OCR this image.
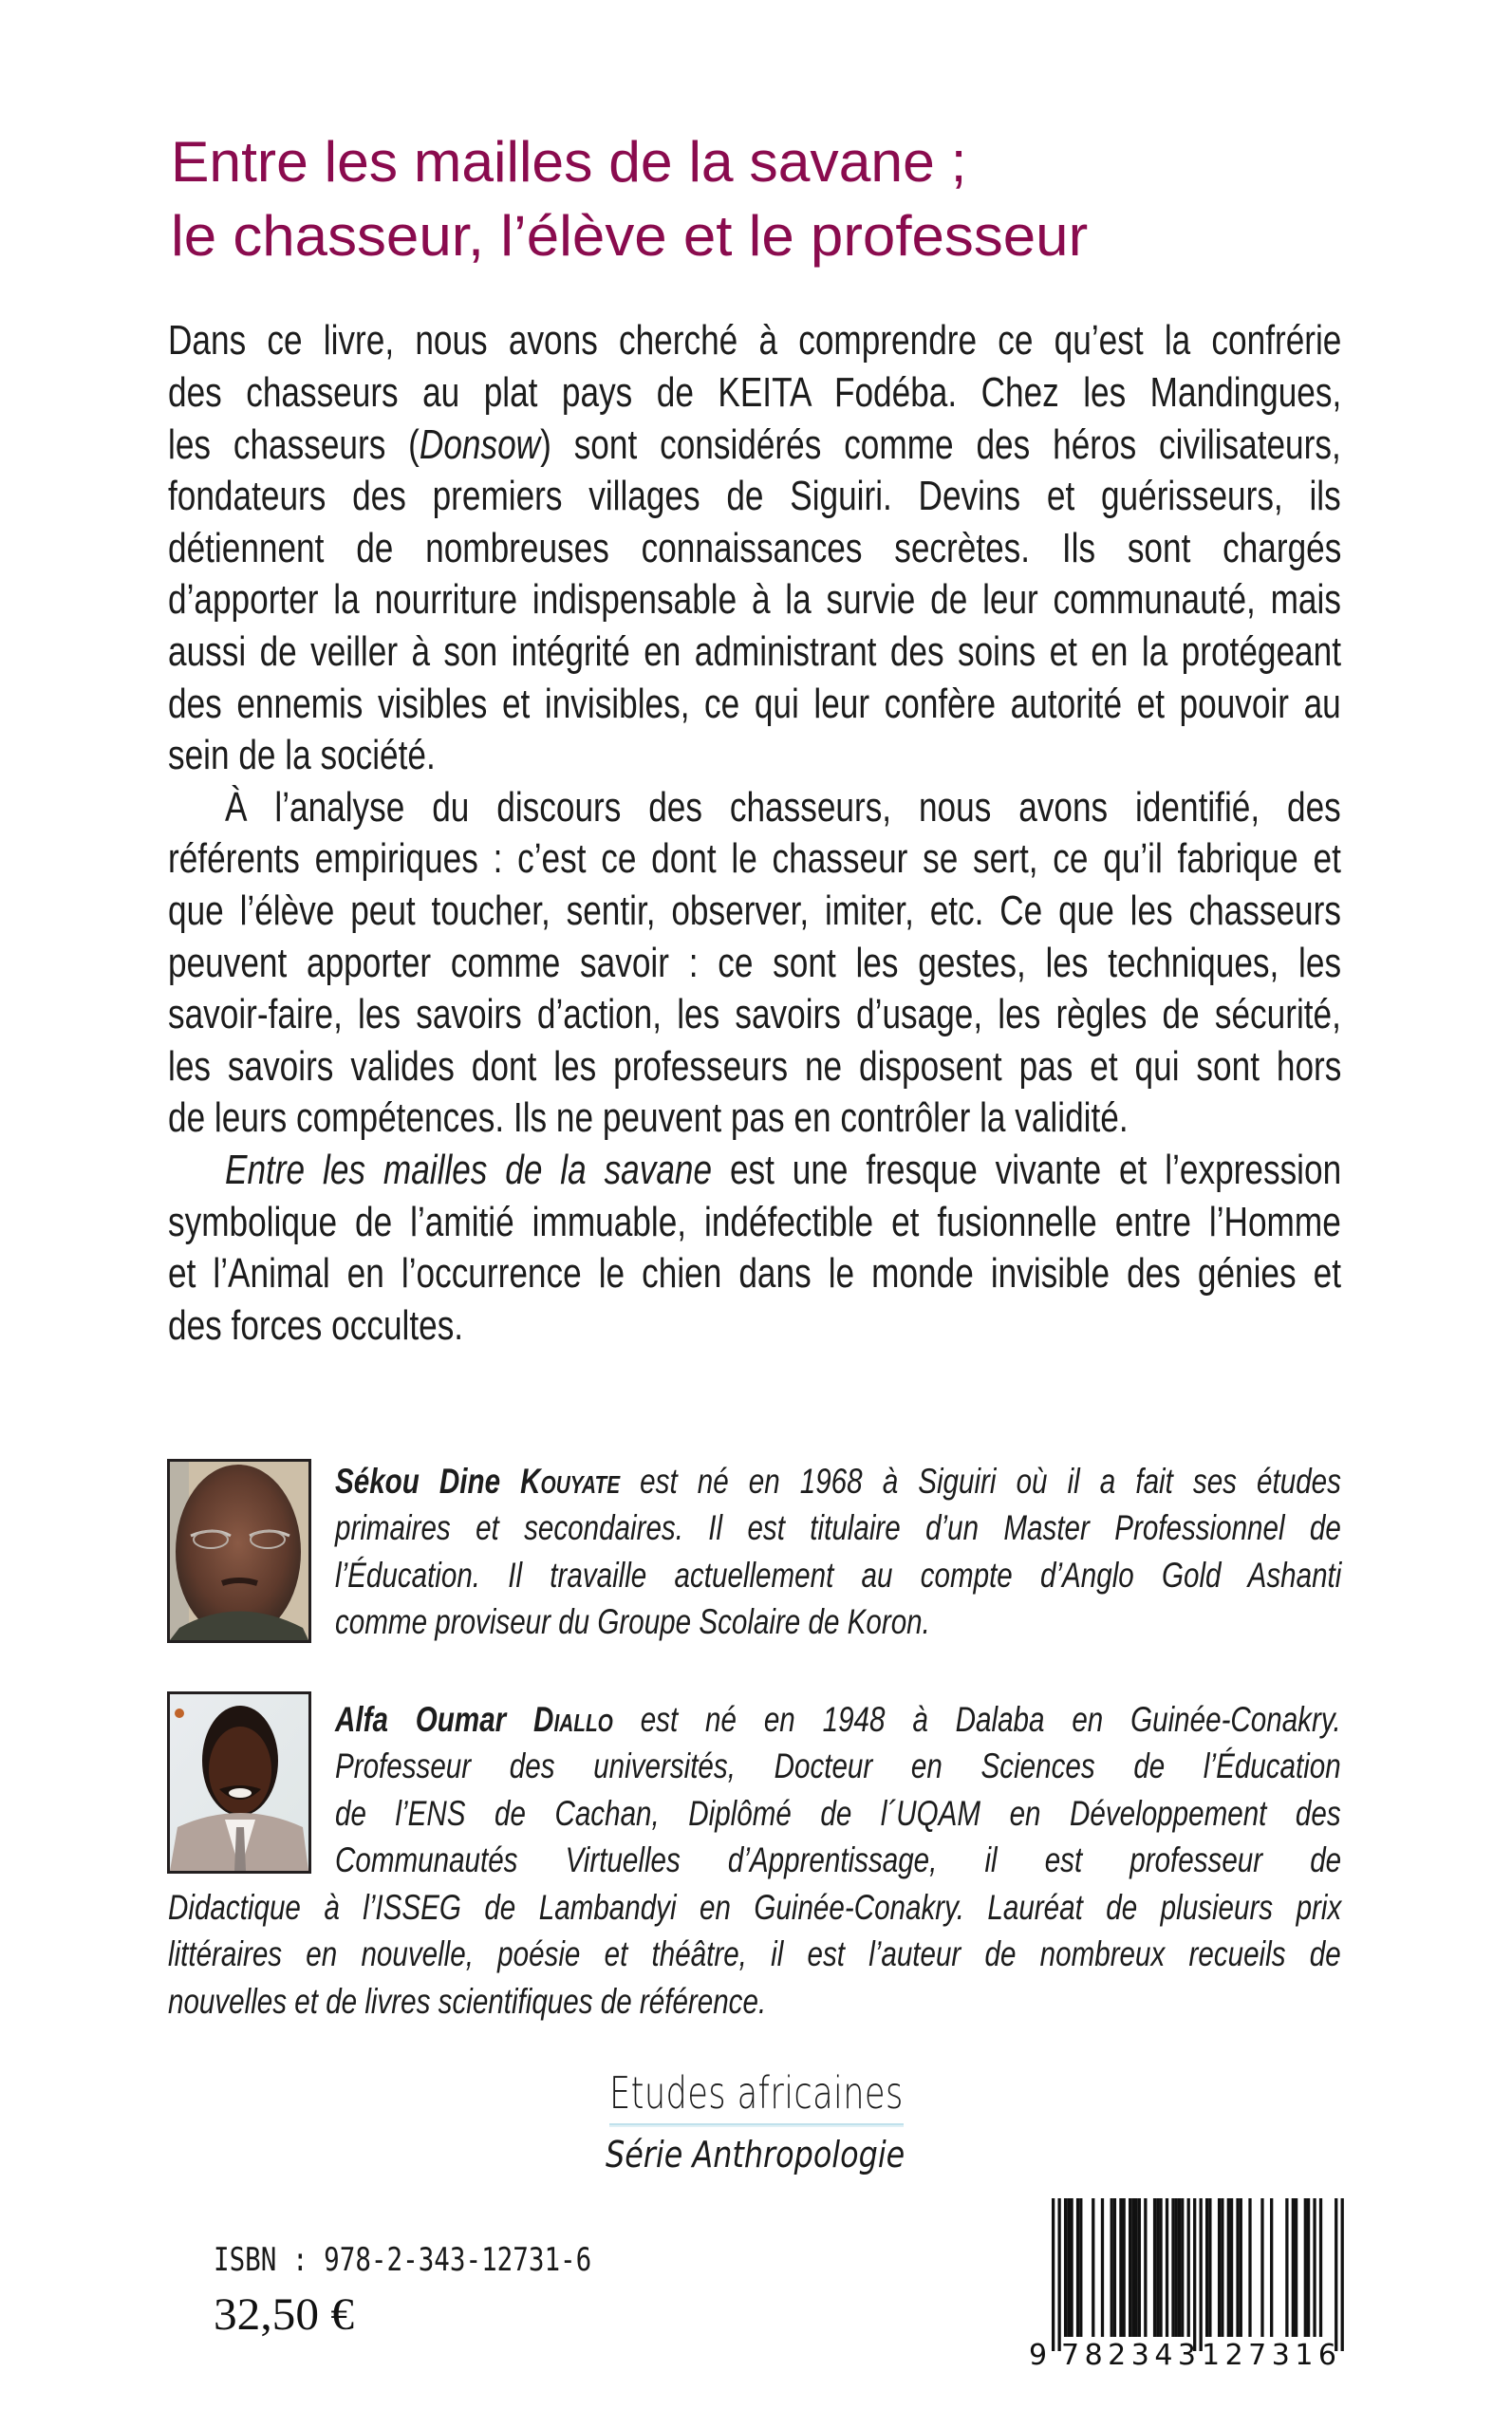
Entre les mailles de la savane ;
le chasseur, l’élève et le professeur
Dans ce livre, nous avons cherché à comprendre ce qu’est la confrérie
des chasseurs au plat pays de KEITA Fodéba. Chez les Mandingues,
les chasseurs (Donsow) sont considérés comme des héros civilisateurs,
fondateurs des premiers villages de Siguiri. Devins et guérisseurs, ils
détiennent de nombreuses connaissances secrètes. Ils sont chargés
d’apporter la nourriture indispensable à la survie de leur communauté, mais
aussi de veiller à son intégrité en administrant des soins et en la protégeant
des ennemis visibles et invisibles, ce qui leur confère autorité et pouvoir au
sein de la société.
À l’analyse du discours des chasseurs, nous avons identifié, des
référents empiriques : c’est ce dont le chasseur se sert, ce qu’il fabrique et
que l’élève peut toucher, sentir, observer, imiter, etc. Ce que les chasseurs
peuvent apporter comme savoir : ce sont les gestes, les techniques, les
savoir-faire, les savoirs d’action, les savoirs d’usage, les règles de sécurité,
les savoirs valides dont les professeurs ne disposent pas et qui sont hors
de leurs compétences. Ils ne peuvent pas en contrôler la validité.
Entre les mailles de la savane est une fresque vivante et l’expression
symbolique de l’amitié immuable, indéfectible et fusionnelle entre l’Homme
et l’Animal en l’occurrence le chien dans le monde invisible des génies et
des forces occultes.
Sékou Dine Kouyate est né en 1968 à Siguiri où il a fait ses études
primaires et secondaires. Il est titulaire d’un Master Professionnel de
l’Éducation. Il travaille actuellement au compte d’Anglo Gold Ashanti
comme proviseur du Groupe Scolaire de Koron.
Alfa Oumar Diallo est né en 1948 à Dalaba en Guinée-Conakry.
Professeur des universités, Docteur en Sciences de l’Éducation
de l’ENS de Cachan, Diplômé de l´UQAM en Développement des
Communautés Virtuelles d’Apprentissage, il est professeur de
Didactique à l’ISSEG de Lambandyi en Guinée-Conakry. Lauréat de plusieurs prix
littéraires en nouvelle, poésie et théâtre, il est l’auteur de nombreux recueils de
nouvelles et de livres scientifiques de référence.
Etudes africaines
Série Anthropologie
ISBN : 978-2-343-12731-6
32,50 €
9 782343 127316
